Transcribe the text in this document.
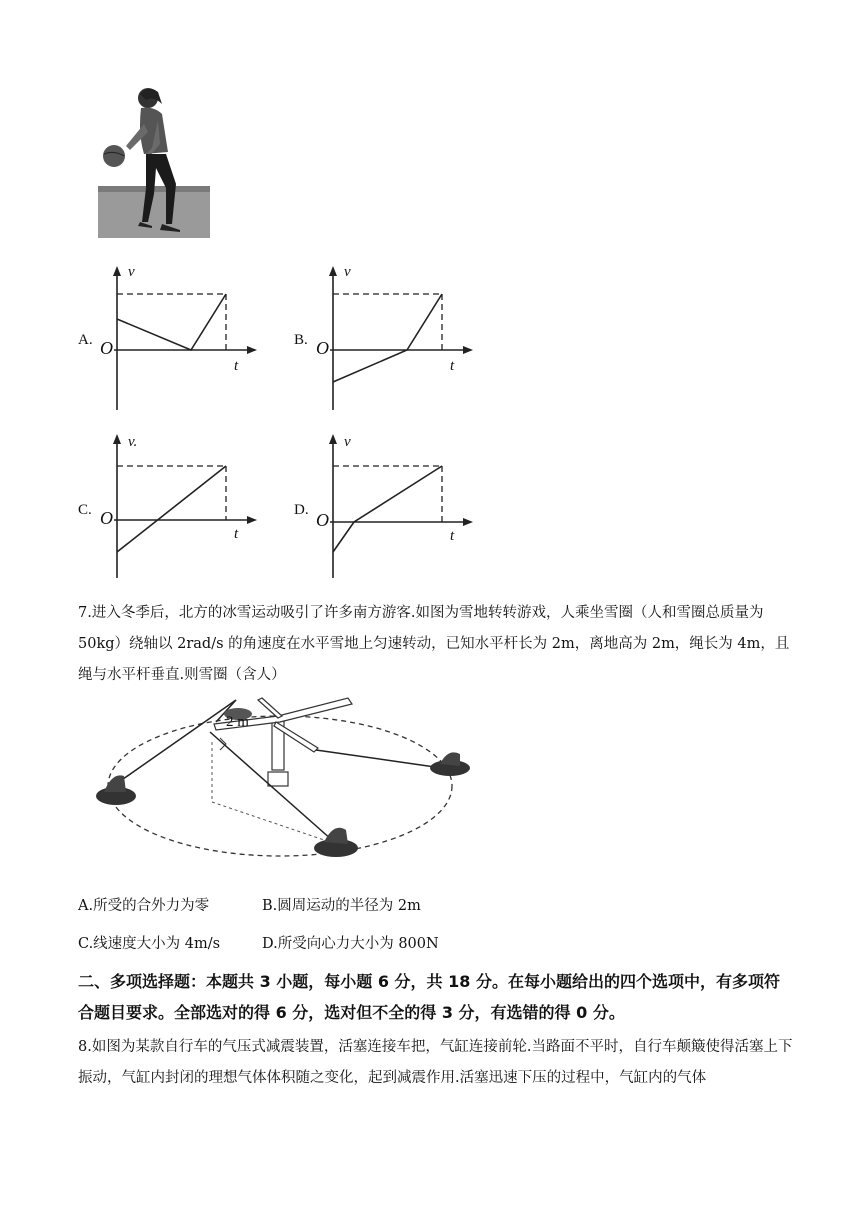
A.
v
O
t
B.
v
O
t
C.
v.
O
t
D.
v
O
t
7.进入冬季后，北方的冰雪运动吸引了许多南方游客.如图为雪地转转游戏，人乘坐雪圈（人和雪圈总质量为 50kg）绕轴以 2rad/s 的角速度在水平雪地上匀速转动，已知水平杆长为 2m，离地高为 2m，绳长为 4m，且绳与水平杆垂直.则雪圈（含人）
2 m
A.所受的合外力为零	B.圆周运动的半径为 2m
C.线速度大小为 4m/s	D.所受向心力大小为 800N
二、多项选择题：本题共 3 小题，每小题 6 分，共 18 分。在每小题给出的四个选项中，有多项符合题目要求。全部选对的得 6 分，选对但不全的得 3 分，有选错的得 0 分。
8.如图为某款自行车的气压式减震装置，活塞连接车把，气缸连接前轮.当路面不平时，自行车颠簸使得活塞上下振动，气缸内封闭的理想气体体积随之变化，起到减震作用.活塞迅速下压的过程中，气缸内的气体
